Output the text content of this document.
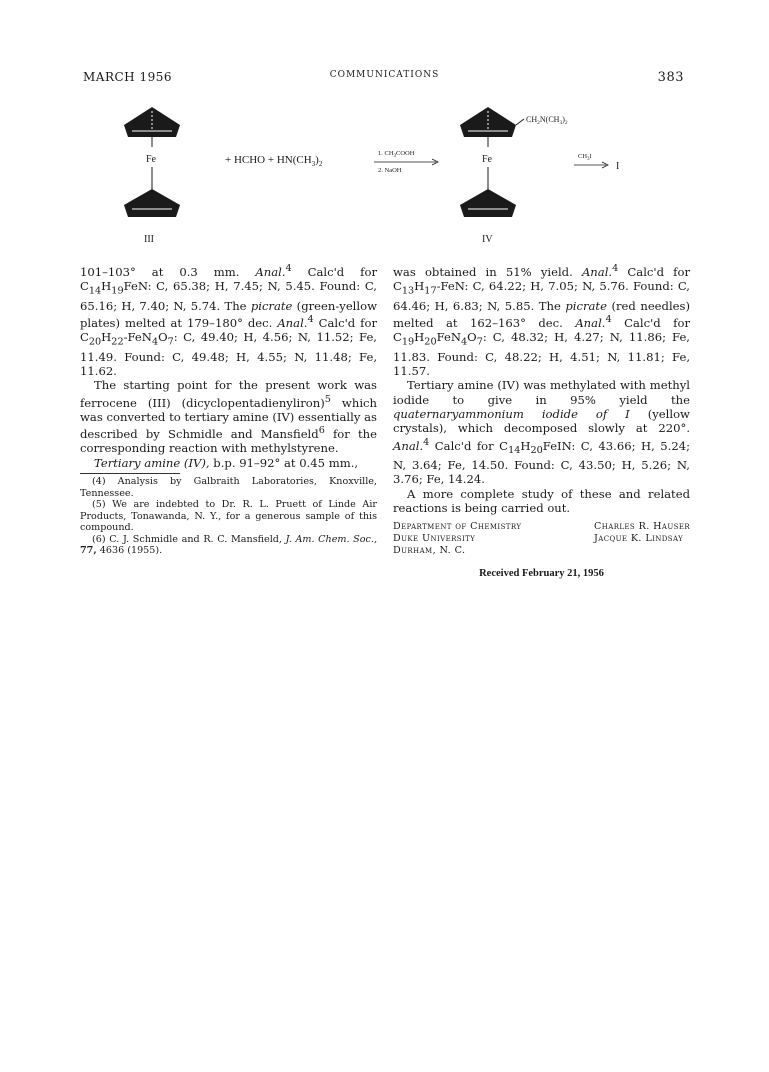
MARCH 1956	COMMUNICATIONS	383
Fe
III
+ HCHO + $HN(CH_3)_2$
1. $CH_3COOH$
2. NaOH
$CH_2N(CH_3)_2$
Fe
IV
$CH_3I$
I

101–103° at 0.3 mm. Anal.$^4$ Calc'd for $C_{14}H_{19}FeN$: C, 65.38; H, 7.45; N, 5.45. Found: C, 65.16; H, 7.40; N, 5.74. The picrate (green-yellow plates) melted at 179–180° dec. Anal.$^4$ Calc'd for $C_{20}H_{22}-FeN_4O_7$: C, 49.40; H, 4.56; N, 11.52; Fe, 11.49. Found: C, 49.48; H, 4.55; N, 11.48; Fe, 11.62.

The starting point for the present work was ferrocene (III) (dicyclopentadienyliron)$^5$ which was converted to tertiary amine (IV) essentially as described by Schmidle and Mansfield$^6$ for the corresponding reaction with methylstyrene.

Tertiary amine (IV), b.p. 91–92° at 0.45 mm.,

(4) Analysis by Galbraith Laboratories, Knoxville, Tennessee.

(5) We are indebted to Dr. R. L. Pruett of Linde Air Products, Tonawanda, N. Y., for a generous sample of this compound.

(6) C. J. Schmidle and R. C. Mansfield, J. Am. Chem. Soc., 77, 4636 (1955).

was obtained in 51% yield. Anal.$^4$ Calc'd for $C_{13}H_{17}$-FeN: C, 64.22; H, 7.05; N, 5.76. Found: C, 64.46; H, 6.83; N, 5.85. The picrate (red needles) melted at 162–163° dec. Anal.$^4$ Calc'd for $C_{19}H_{20}FeN_4O_7$: C, 48.32; H, 4.27; N, 11.86; Fe, 11.83. Found: C, 48.22; H, 4.51; N, 11.81; Fe, 11.57.

Tertiary amine (IV) was methylated with methyl iodide to give in 95% yield the quaternaryammonium iodide of I (yellow crystals), which decomposed slowly at 220°. Anal.$^4$ Calc'd for $C_{14}H_{20}FeIN$: C, 43.66; H, 5.24; N, 3.64; Fe, 14.50. Found: C, 43.50; H, 5.26; N, 3.76; Fe, 14.24.

A more complete study of these and related reactions is being carried out.

Department of Chemistry
Duke University
Durham, N. C.
Charles R. Hauser
Jacque K. Lindsay
Received February 21, 1956
